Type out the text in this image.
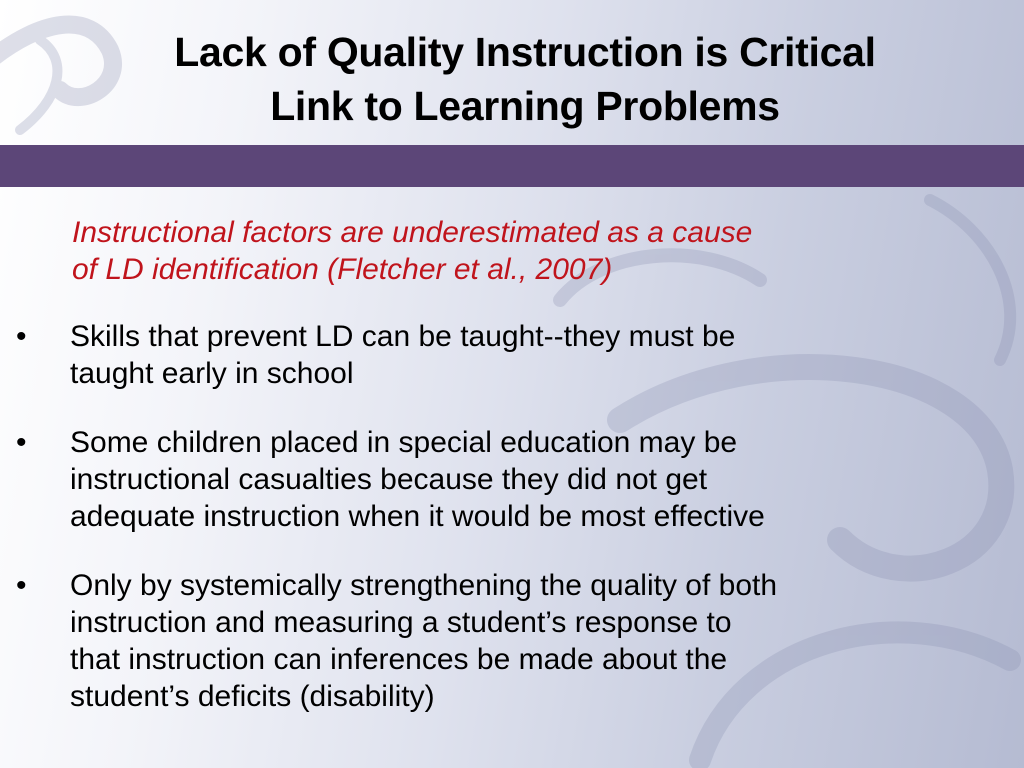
Lack of Quality Instruction is Critical
Link to Learning Problems

Instructional factors are underestimated as a cause
of LD identification (Fletcher et al., 2007)

• Skills that prevent LD can be taught--they must be
taught early in school
• Some children placed in special education may be
instructional casualties because they did not get
adequate instruction when it would be most effective
• Only by systemically strengthening the quality of both
instruction and measuring a student’s response to
that instruction can inferences be made about the
student’s deficits (disability)
